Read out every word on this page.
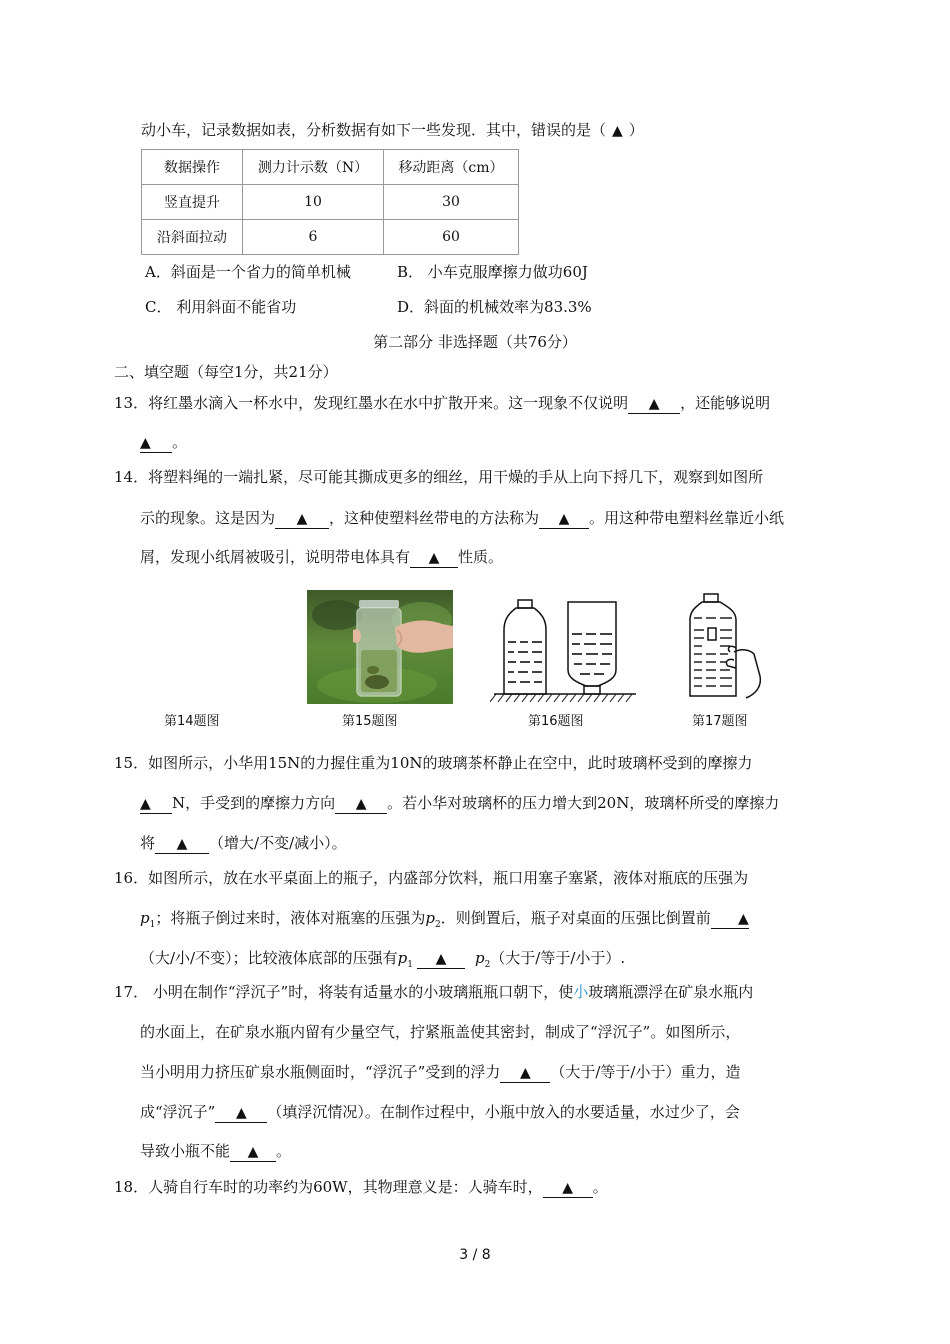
动小车，记录数据如表，分析数据有如下一些发现．其中，错误的是（ ▲ ）
数据操作	测力计示数（N）	移动距离（cm）
竖直提升	10	30
沿斜面拉动	6	60
A．斜面是一个省力的简单机械	B． 小车克服摩擦力做功60J
C． 利用斜面不能省功	D．斜面的机械效率为83.3%
第二部分 非选择题（共76分）
二、填空题（每空1分，共21分）
13．将红墨水滴入一杯水中，发现红墨水在水中扩散开来。这一现象不仅说明 ▲ ，还能够说明
▲ 。
14．将塑料绳的一端扎紧，尽可能其撕成更多的细丝，用干燥的手从上向下捋几下，观察到如图所
示的现象。这是因为 ▲ ，这种使塑料丝带电的方法称为 ▲ 。用这种带电塑料丝靠近小纸
屑，发现小纸屑被吸引，说明带电体具有 ▲ 性质。
第14题图	第15题图	第16题图	第17题图
15．如图所示，小华用15N的力握住重为10N的玻璃茶杯静止在空中，此时玻璃杯受到的摩擦力
▲ N，手受到的摩擦力方向 ▲ 。若小华对玻璃杯的压力增大到20N，玻璃杯所受的摩擦力
将 ▲ （增大/不变/减小）。
16．如图所示，放在水平桌面上的瓶子，内盛部分饮料，瓶口用塞子塞紧，液体对瓶底的压强为
$p_1$；将瓶子倒过来时，液体对瓶塞的压强为$p_2$．则倒置后，瓶子对桌面的压强比倒置前 ▲
（大/小/不变）；比较液体底部的压强有$p_1$ ▲ $p_2$（大于/等于/小于）.
17． 小明在制作“浮沉子”时，将装有适量水的小玻璃瓶瓶口朝下，使小玻璃瓶漂浮在矿泉水瓶内
的水面上，在矿泉水瓶内留有少量空气，拧紧瓶盖使其密封，制成了“浮沉子”。如图所示，
当小明用力挤压矿泉水瓶侧面时，“浮沉子”受到的浮力 ▲ （大于/等于/小于）重力，造
成“浮沉子” ▲ （填浮沉情况）。在制作过程中，小瓶中放入的水要适量，水过少了，会
导致小瓶不能 ▲ 。
18．人骑自行车时的功率约为60W，其物理意义是：人骑车时， ▲ 。
3 / 8
